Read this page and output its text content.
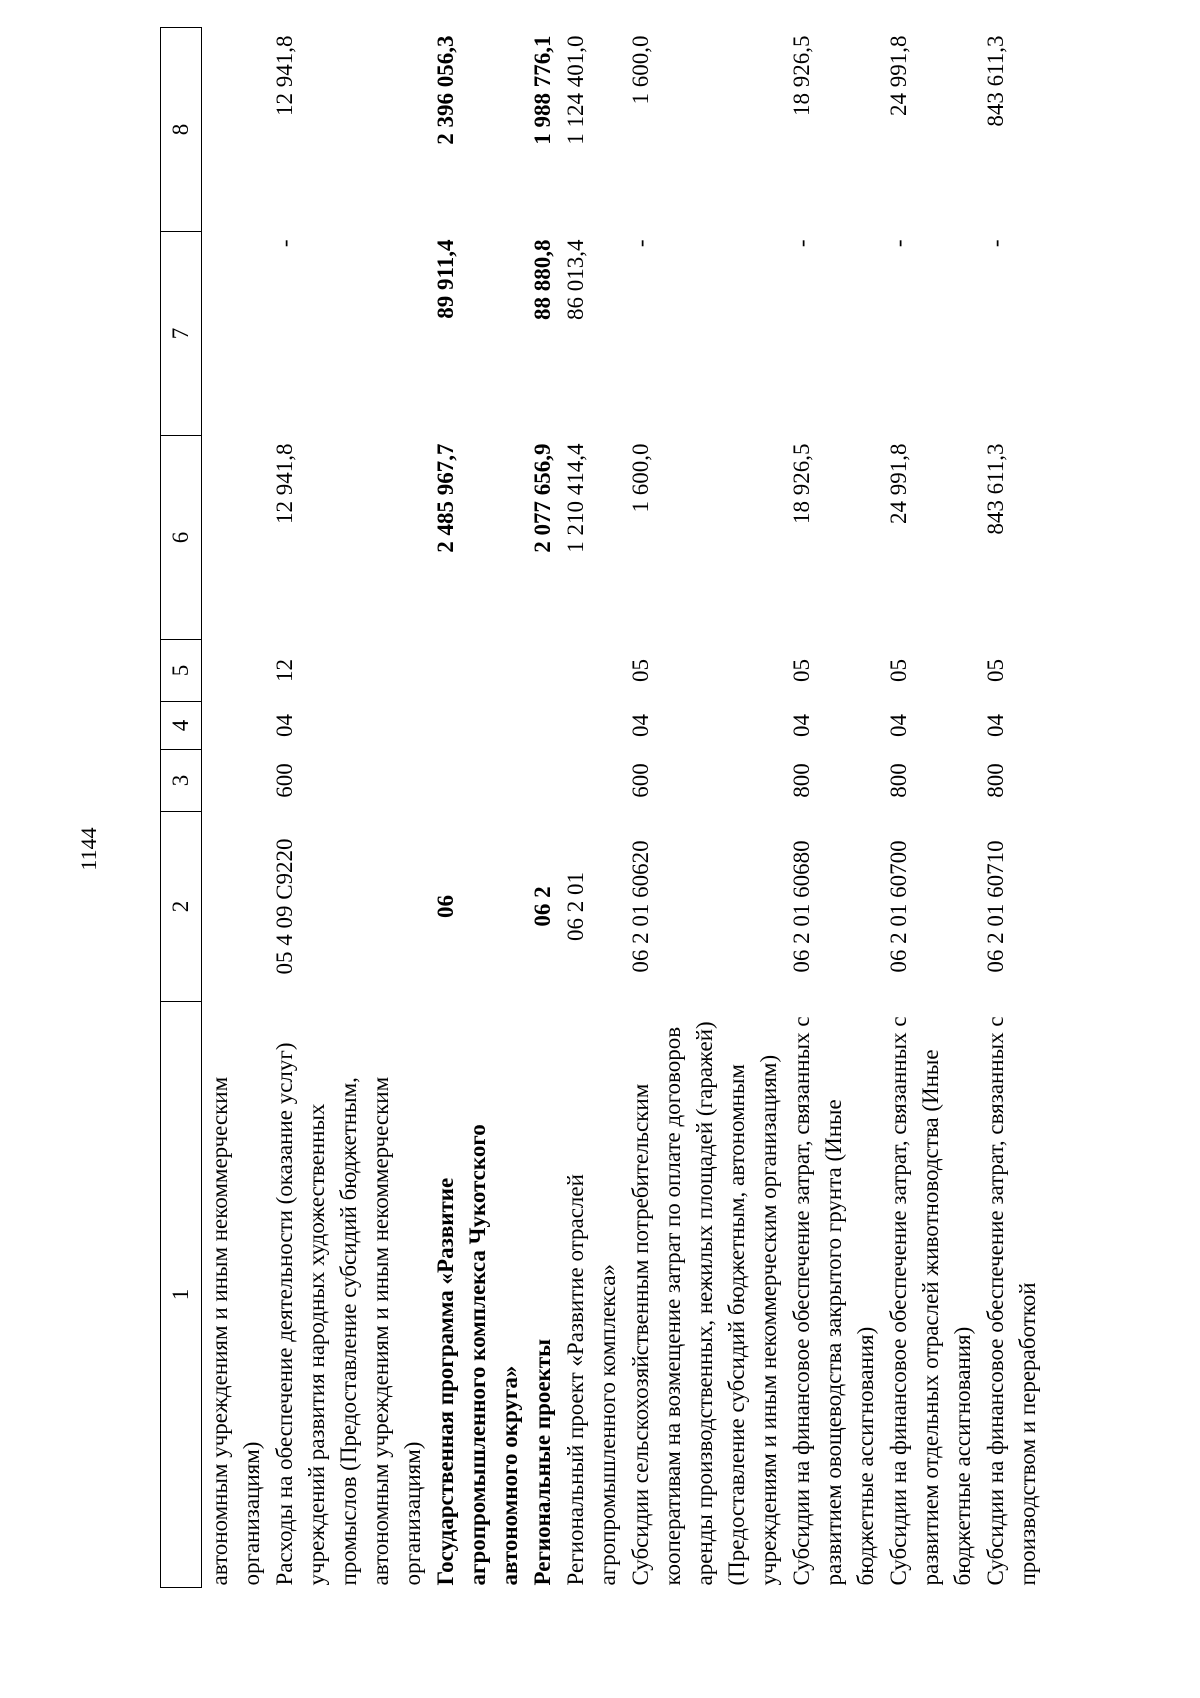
1144
1	2	3	4	5	6	7	8
автономным учреждениям и иным некоммерческим организациям)							
Расходы на обеспечение деятельности (оказание услуг) учреждений развития народных художественных промыслов (Предоставление субсидий бюджетным, автономным учреждениям и иным некоммерческим организациям)	05 4 09 С9220	600	04	12	12 941,8	-	12 941,8
Государственная программа «Развитие агропромышленного комплекса Чукотского автономного округа»	06				2 485 967,7	89 911,4	2 396 056,3
Региональные проекты	06 2				2 077 656,9	88 880,8	1 988 776,1
Региональный проект «Развитие отраслей агропромышленного комплекса»	06 2 01				1 210 414,4	86 013,4	1 124 401,0
Субсидии сельскохозяйственным потребительским кооперативам на возмещение затрат по оплате договоров аренды производственных, нежилых площадей (гаражей) (Предоставление субсидий бюджетным, автономным учреждениям и иным некоммерческим организациям)	06 2 01 60620	600	04	05	1 600,0	-	1 600,0
Субсидии на финансовое обеспечение затрат, связанных с развитием овощеводства закрытого грунта (Иные бюджетные ассигнования)	06 2 01 60680	800	04	05	18 926,5	-	18 926,5
Субсидии на финансовое обеспечение затрат, связанных с развитием отдельных отраслей животноводства (Иные бюджетные ассигнования)	06 2 01 60700	800	04	05	24 991,8	-	24 991,8
Субсидии на финансовое обеспечение затрат, связанных с производством и переработкой	06 2 01 60710	800	04	05	843 611,3	-	843 611,3
